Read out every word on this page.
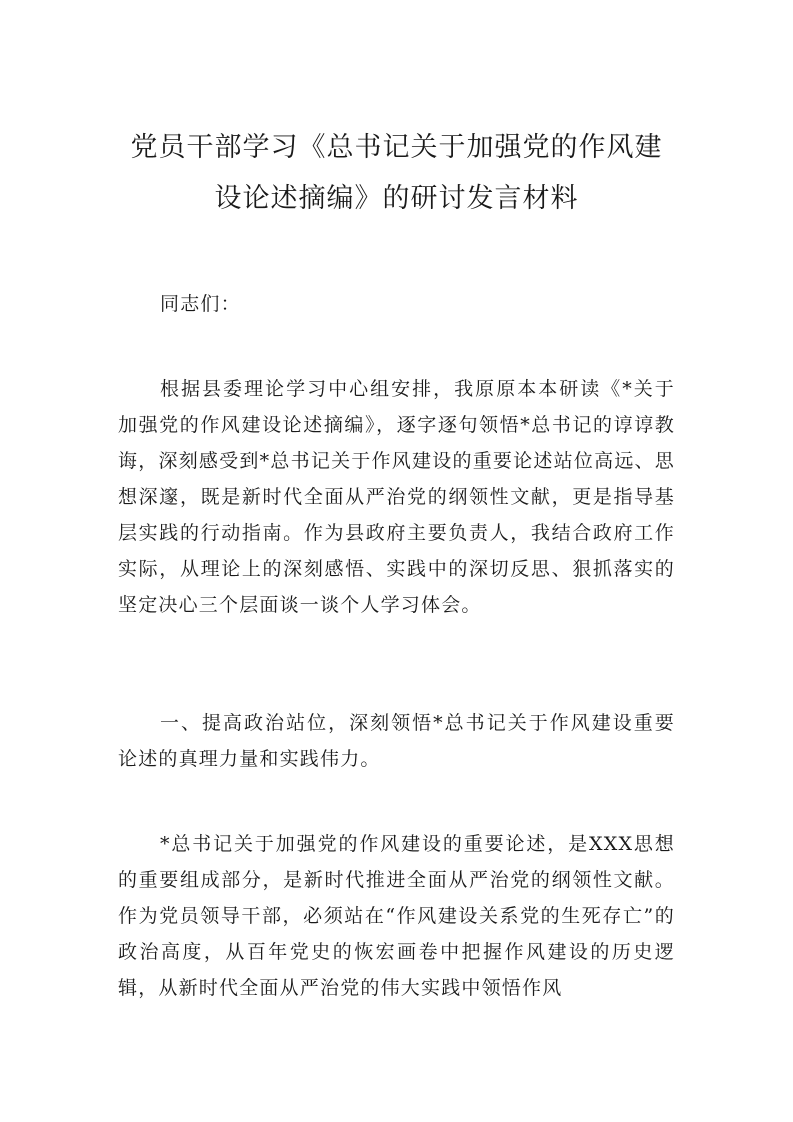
党员干部学习《总书记关于加强党的作风建
设论述摘编》的研讨发言材料

同志们：

根据县委理论学习中心组安排，我原原本本研读《*关于加强党的作风建设论述摘编》，逐字逐句领悟*总书记的谆谆教诲，深刻感受到*总书记关于作风建设的重要论述站位高远、思想深邃，既是新时代全面从严治党的纲领性文献，更是指导基层实践的行动指南。作为县政府主要负责人，我结合政府工作实际，从理论上的深刻感悟、实践中的深切反思、狠抓落实的坚定决心三个层面谈一谈个人学习体会。

一、提高政治站位，深刻领悟*总书记关于作风建设重要论述的真理力量和实践伟力。

*总书记关于加强党的作风建设的重要论述，是XXX思想的重要组成部分，是新时代推进全面从严治党的纲领性文献。作为党员领导干部，必须站在“作风建设关系党的生死存亡”的政治高度，从百年党史的恢宏画卷中把握作风建设的历史逻辑，从新时代全面从严治党的伟大实践中领悟作风
